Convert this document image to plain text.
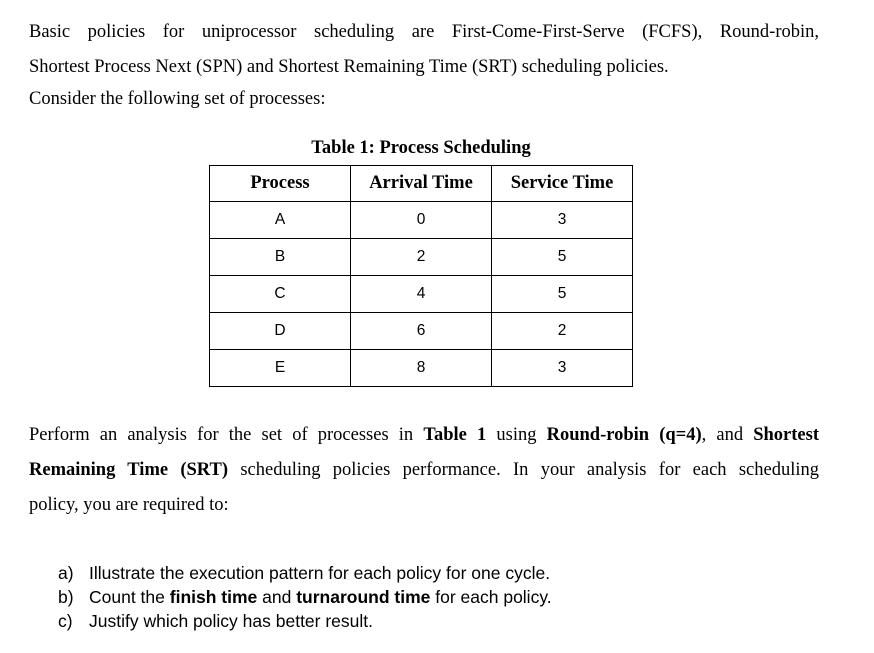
Basic policies for uniprocessor scheduling are First-Come-First-Serve (FCFS), Round-robin,
Shortest Process Next (SPN) and Shortest Remaining Time (SRT) scheduling policies.

Consider the following set of processes:

Table 1: Process Scheduling
Process	Arrival Time	Service Time
A	0	3
B	2	5
C	4	5
D	6	2
E	8	3

Perform an analysis for the set of processes in Table 1 using Round-robin (q=4), and Shortest
Remaining Time (SRT) scheduling policies performance. In your analysis for each scheduling
policy, you are required to:

a) Illustrate the execution pattern for each policy for one cycle.
b) Count the finish time and turnaround time for each policy.
c) Justify which policy has better result.
